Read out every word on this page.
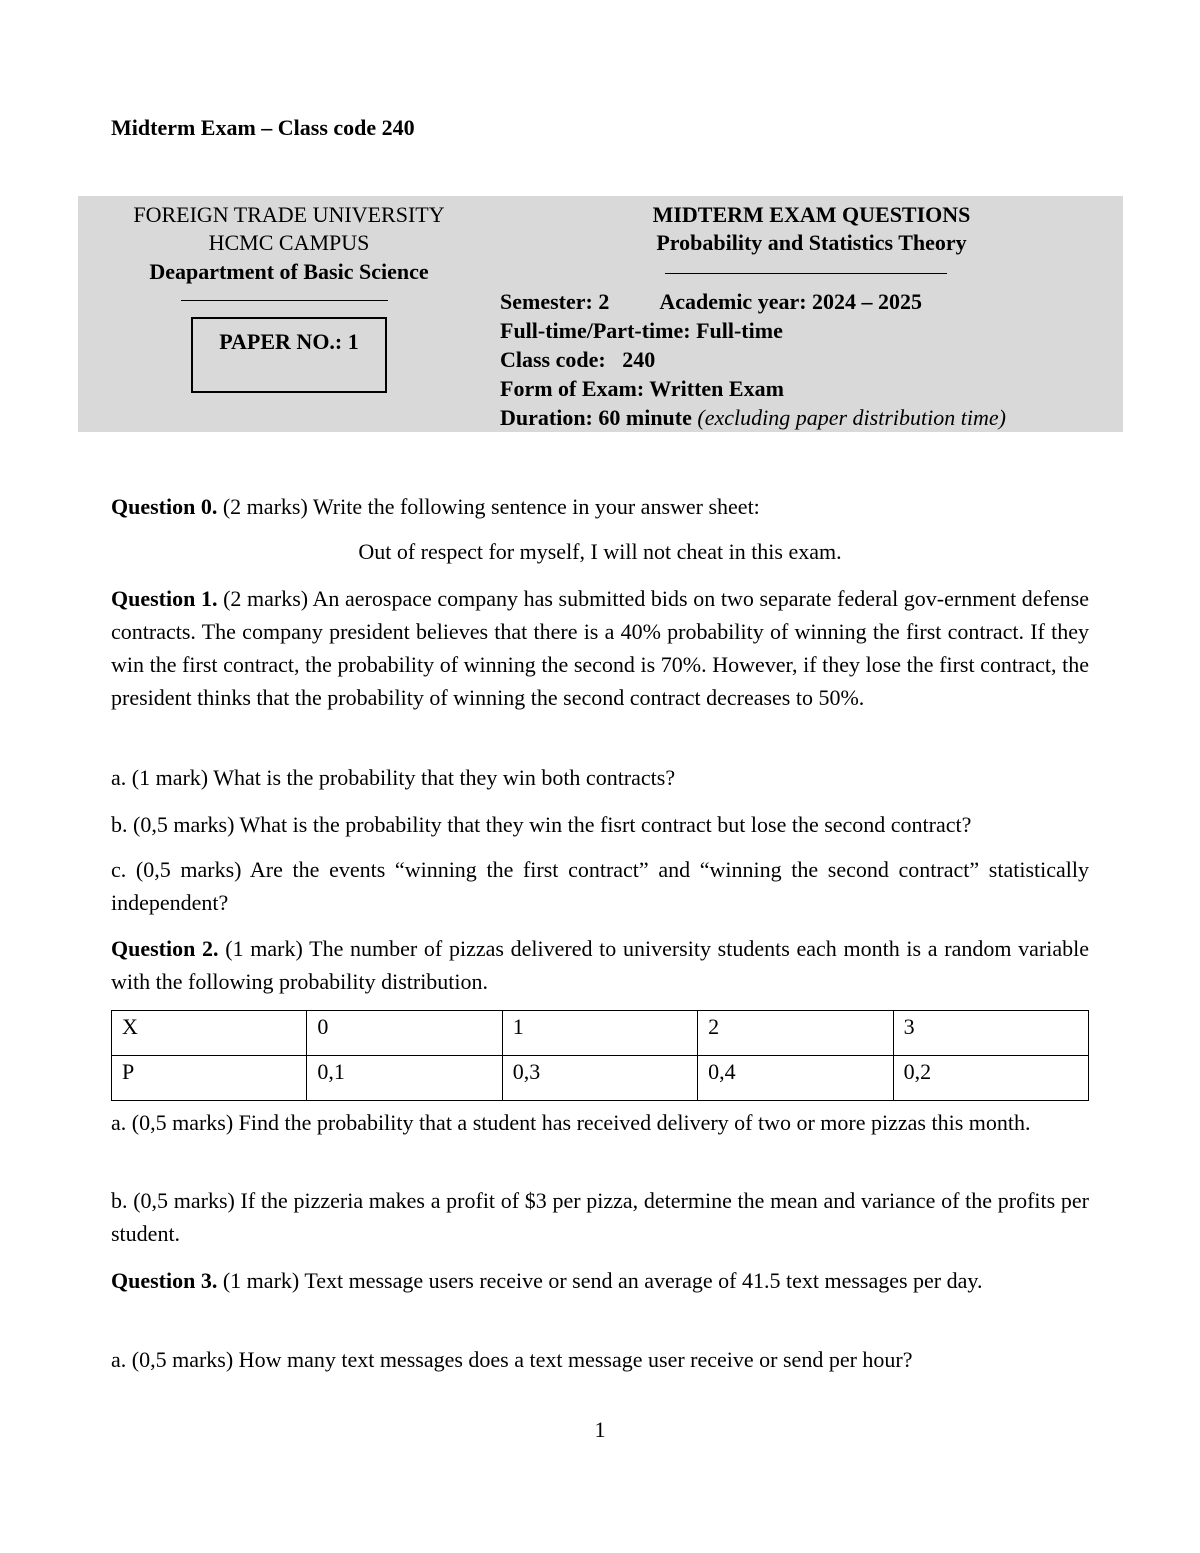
Midterm Exam – Class code 240
FOREIGN TRADE UNIVERSITY
HCMC CAMPUS
Deapartment of Basic Science
PAPER NO.: 1
MIDTERM EXAM QUESTIONS
Probability and Statistics Theory
Semester: 2 Academic year: 2024 – 2025
Full-time/Part-time: Full-time
Class code: 240
Form of Exam: Written Exam
Duration: 60 minute (excluding paper distribution time)
Question 0. (2 marks) Write the following sentence in your answer sheet:
Out of respect for myself, I will not cheat in this exam.
Question 1. (2 marks) An aerospace company has submitted bids on two separate federal gov-ernment defense contracts. The company president believes that there is a 40% probability of winning the first contract. If they win the first contract, the probability of winning the second is 70%. However, if they lose the first contract, the president thinks that the probability of winning the second contract decreases to 50%.
a. (1 mark) What is the probability that they win both contracts?
b. (0,5 marks) What is the probability that they win the fisrt contract but lose the second contract?
c. (0,5 marks) Are the events “winning the first contract” and “winning the second contract” statistically independent?
Question 2. (1 mark) The number of pizzas delivered to university students each month is a random variable with the following probability distribution.
X	0	1	2	3
P	0,1	0,3	0,4	0,2
a. (0,5 marks) Find the probability that a student has received delivery of two or more pizzas this month.
b. (0,5 marks) If the pizzeria makes a profit of $3 per pizza, determine the mean and variance of the profits per student.
Question 3. (1 mark) Text message users receive or send an average of 41.5 text messages per day.
a. (0,5 marks) How many text messages does a text message user receive or send per hour?
1
